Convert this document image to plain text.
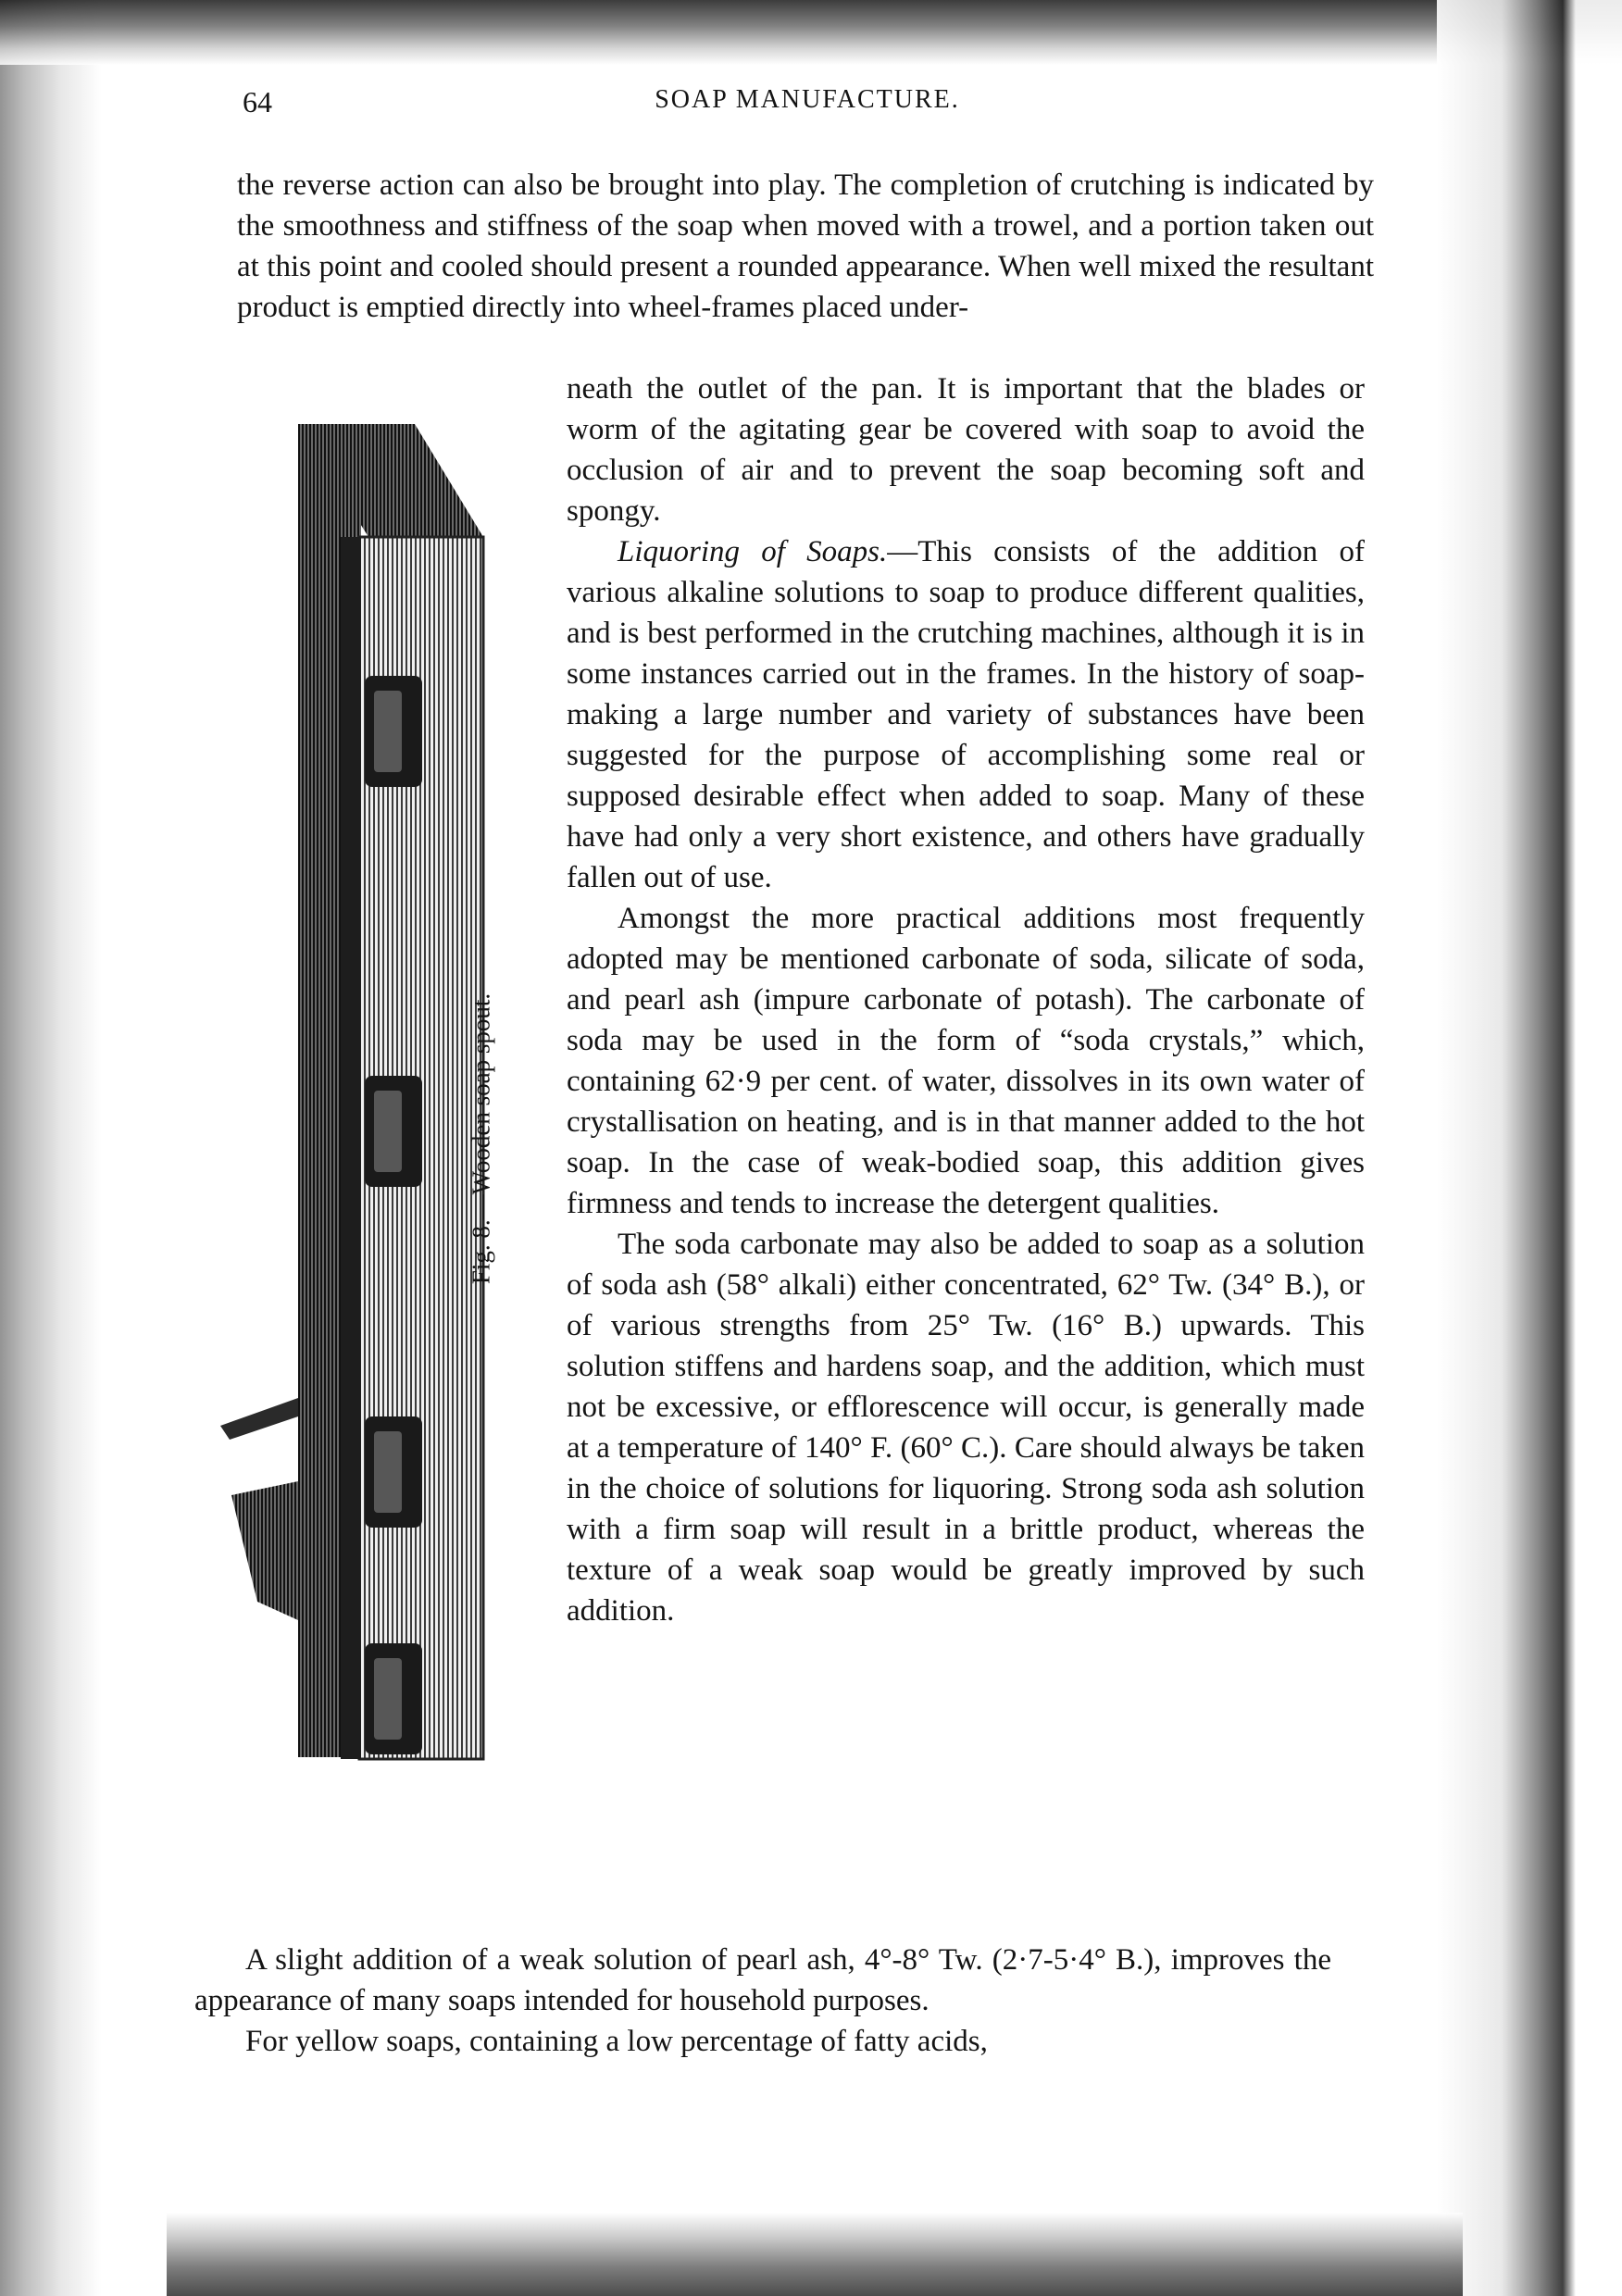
64	SOAP MANUFACTURE.

the reverse action can also be brought into play. The completion of crutching is indicated by the smoothness and stiffness of the soap when moved with a trowel, and a portion taken out at this point and cooled should present a rounded appearance. When well mixed the resultant product is emptied directly into wheel-frames placed under-

Fig. 8.—Wooden soap spout.

neath the outlet of the pan. It is important that the blades or worm of the agitating gear be covered with soap to avoid the occlusion of air and to prevent the soap becoming soft and spongy.

Liquoring of Soaps.—This consists of the addition of various alkaline solutions to soap to produce different qualities, and is best performed in the crutching machines, although it is in some instances carried out in the frames. In the history of soap-making a large number and variety of substances have been suggested for the purpose of accomplishing some real or supposed desirable effect when added to soap. Many of these have had only a very short existence, and others have gradually fallen out of use.

Amongst the more practical additions most frequently adopted may be mentioned carbonate of soda, silicate of soda, and pearl ash (impure carbonate of potash). The carbonate of soda may be used in the form of “soda crystals,” which, containing 62·9 per cent. of water, dissolves in its own water of crystallisation on heating, and is in that manner added to the hot soap. In the case of weak-bodied soap, this addition gives firmness and tends to increase the detergent qualities.

The soda carbonate may also be added to soap as a solution of soda ash (58° alkali) either concentrated, 62° Tw. (34° B.), or of various strengths from 25° Tw. (16° B.) upwards. This solution stiffens and hardens soap, and the addition, which must not be excessive, or efflorescence will occur, is generally made at a temperature of 140° F. (60° C.). Care should always be taken in the choice of solutions for liquoring. Strong soda ash solution with a firm soap will result in a brittle product, whereas the texture of a weak soap would be greatly improved by such addition.

A slight addition of a weak solution of pearl ash, 4°-8° Tw. (2·7-5·4° B.), improves the appearance of many soaps intended for household purposes.

For yellow soaps, containing a low percentage of fatty acids,
